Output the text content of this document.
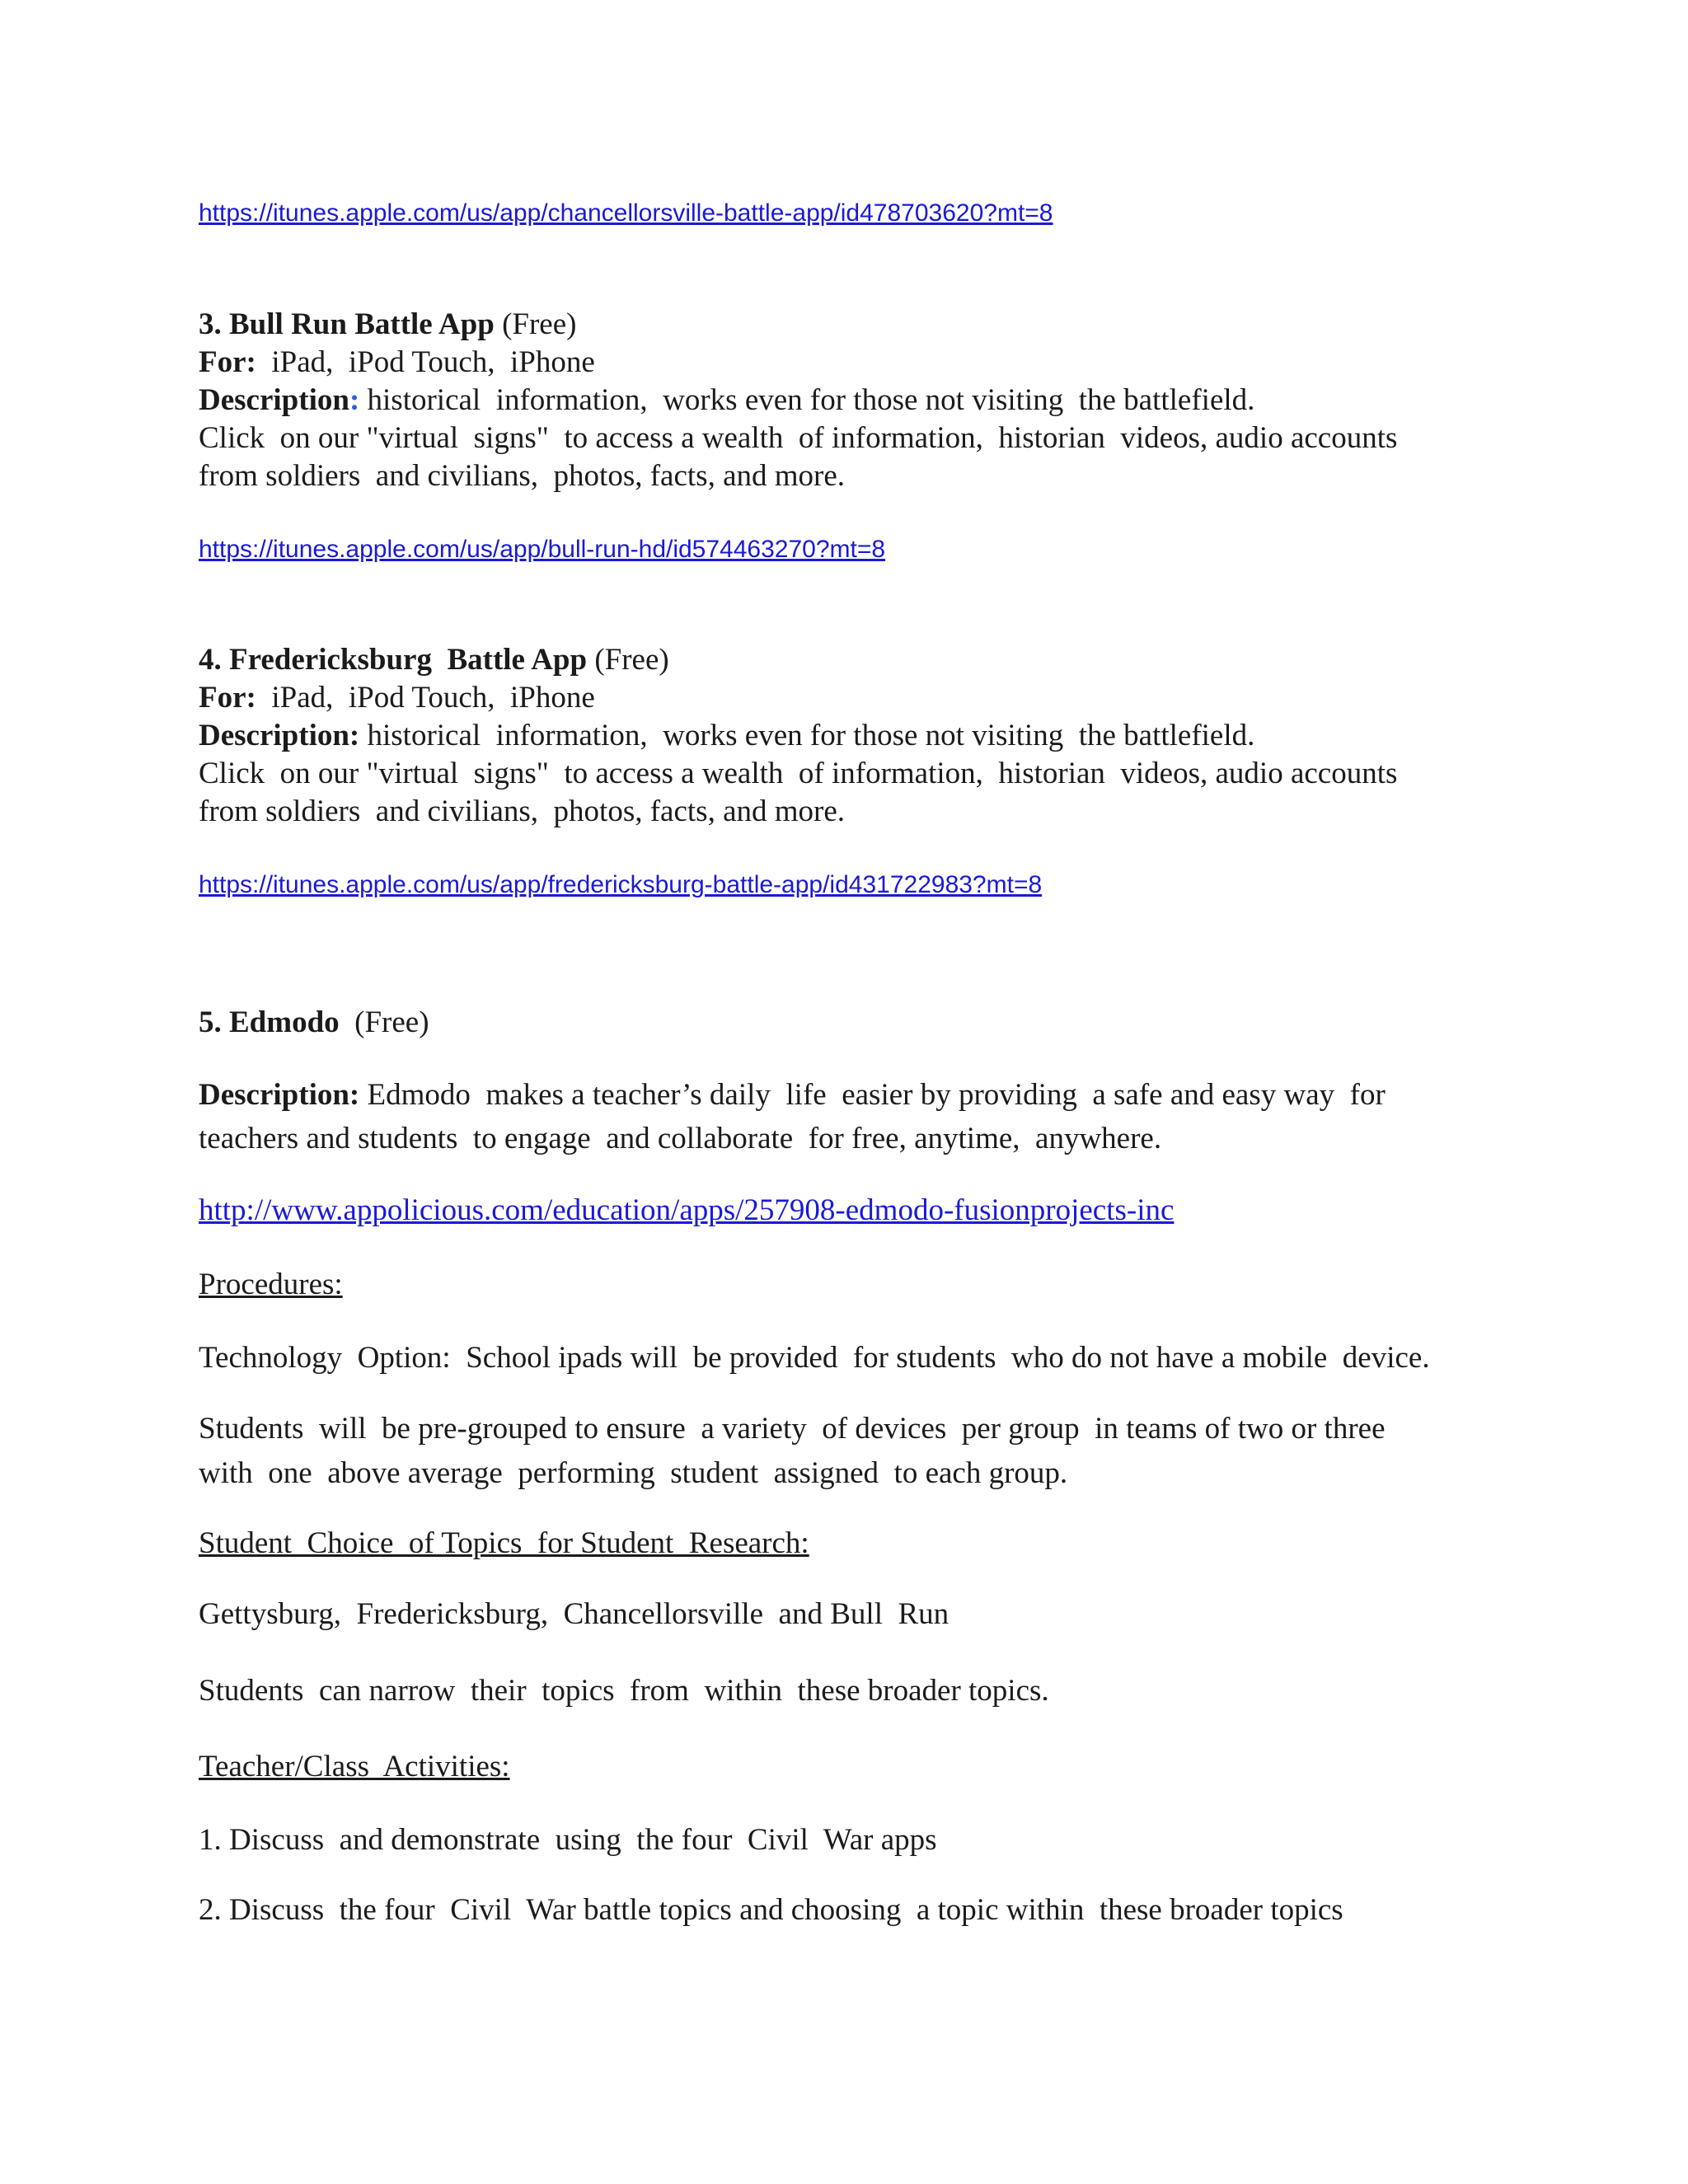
https://itunes.apple.com/us/app/chancellorsville-battle-app/id478703620?mt=8
3. Bull Run Battle App (Free)
For:  iPad,  iPod Touch,  iPhone
Description: historical  information,  works even for those not visiting  the battlefield.
Click  on our "virtual  signs"  to access a wealth  of information,  historian  videos, audio accounts
from soldiers  and civilians,  photos, facts, and more.
https://itunes.apple.com/us/app/bull-run-hd/id574463270?mt=8
4. Fredericksburg  Battle App (Free)
For:  iPad,  iPod Touch,  iPhone
Description: historical  information,  works even for those not visiting  the battlefield.
Click  on our "virtual  signs"  to access a wealth  of information,  historian  videos, audio accounts
from soldiers  and civilians,  photos, facts, and more.
https://itunes.apple.com/us/app/fredericksburg-battle-app/id431722983?mt=8
5. Edmodo  (Free)
Description: Edmodo  makes a teacher’s daily  life  easier by providing  a safe and easy way  for
teachers and students  to engage  and collaborate  for free, anytime,  anywhere.
http://www.appolicious.com/education/apps/257908-edmodo-fusionprojects-inc
Procedures:
Technology  Option:  School ipads will  be provided  for students  who do not have a mobile  device.
Students  will  be pre-grouped to ensure  a variety  of devices  per group  in teams of two or three
with  one  above average  performing  student  assigned  to each group.
Student  Choice  of Topics  for Student  Research:
Gettysburg,  Fredericksburg,  Chancellorsville  and Bull  Run
Students  can narrow  their  topics  from  within  these broader topics.
Teacher/Class  Activities:
1. Discuss  and demonstrate  using  the four  Civil  War apps
2. Discuss  the four  Civil  War battle topics and choosing  a topic within  these broader topics
